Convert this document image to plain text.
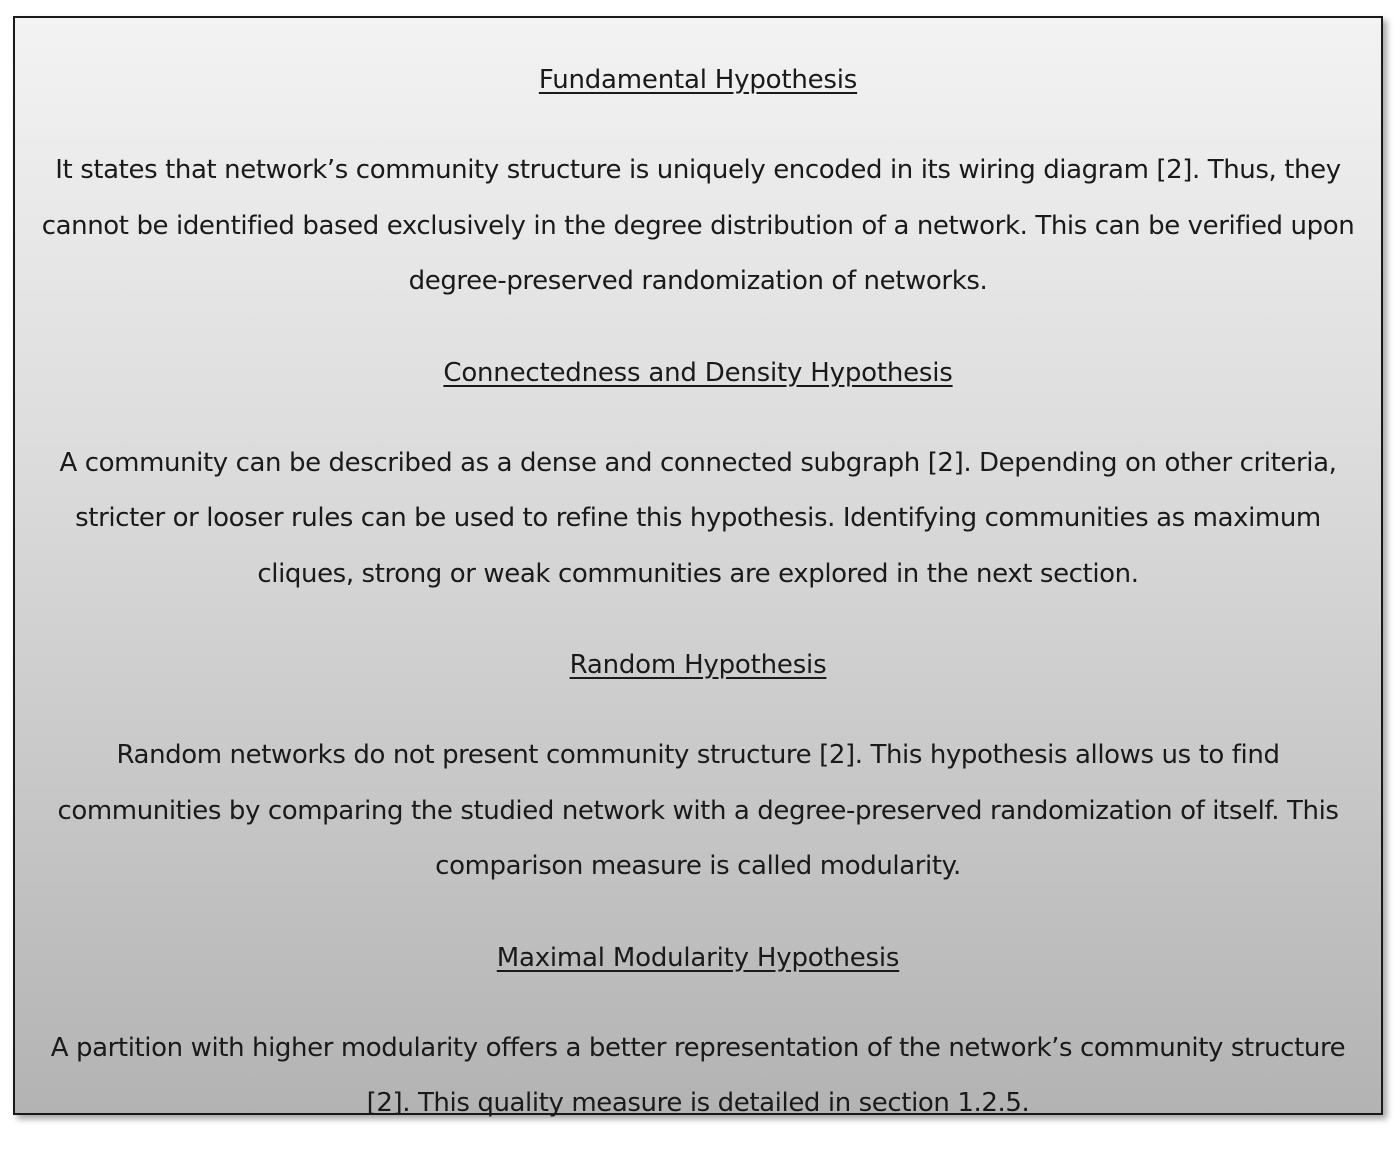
Fundamental Hypothesis
It states that network’s community structure is uniquely encoded in its wiring diagram [2]. Thus, they cannot be identified based exclusively in the degree distribution of a network. This can be verified upon degree-preserved randomization of networks.
Connectedness and Density Hypothesis
A community can be described as a dense and connected subgraph [2]. Depending on other criteria, stricter or looser rules can be used to refine this hypothesis. Identifying communities as maximum cliques, strong or weak communities are explored in the next section.
Random Hypothesis
Random networks do not present community structure [2]. This hypothesis allows us to find communities by comparing the studied network with a degree-preserved randomization of itself. This comparison measure is called modularity.
Maximal Modularity Hypothesis
A partition with higher modularity offers a better representation of the network’s community structure [2]. This quality measure is detailed in section 1.2.5.
